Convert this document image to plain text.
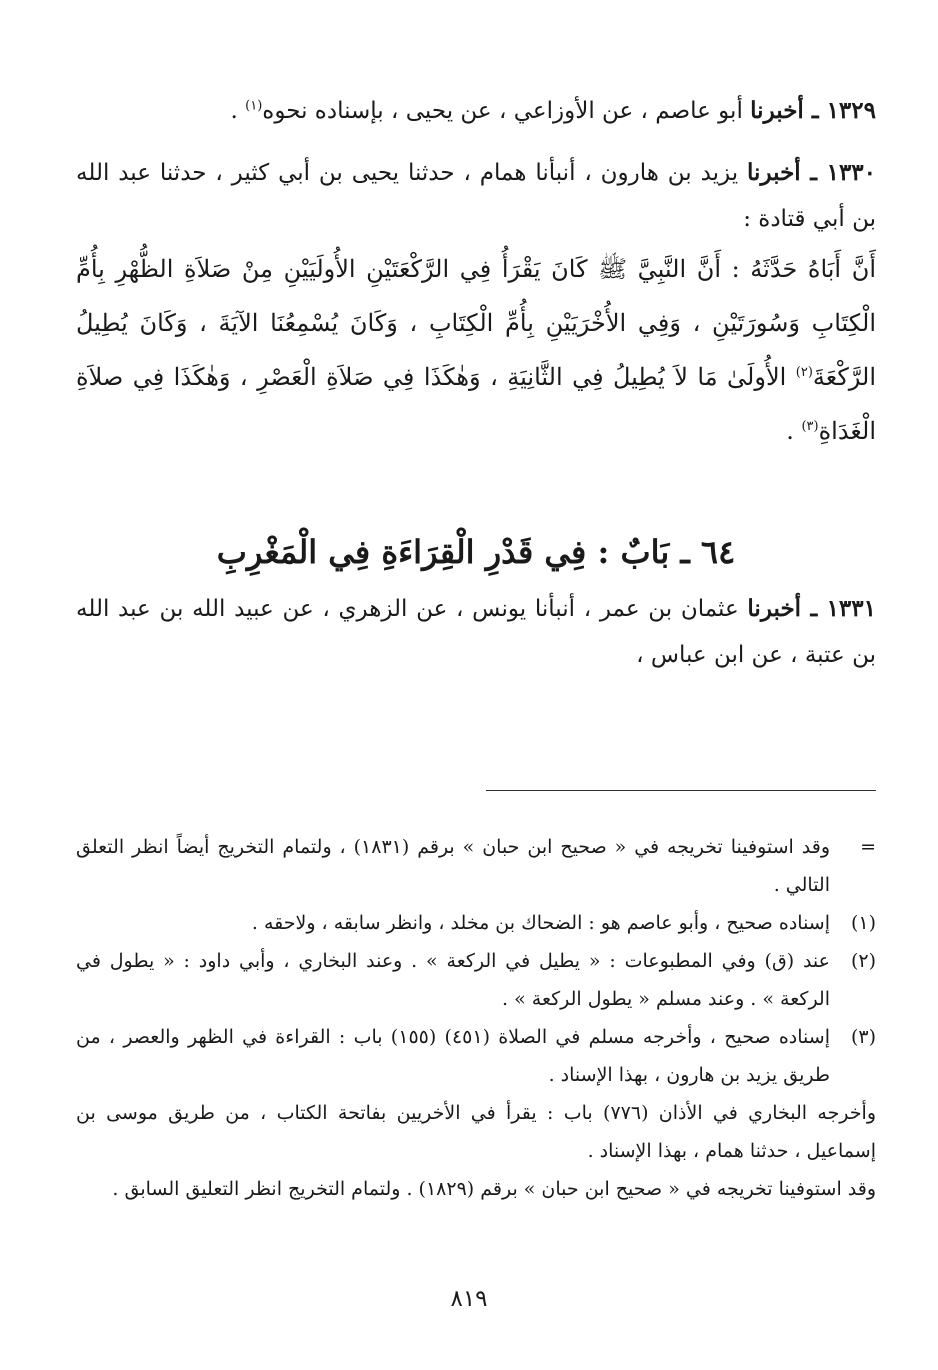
١٣٢٩ ـ أخبرنا أبو عاصم ، عن الأوزاعي ، عن يحيى ، بإسناده نحوه$^{(١)}$ .

١٣٣٠ ـ أخبرنا يزيد بن هارون ، أنبأنا همام ، حدثنا يحيى بن أبي كثير ، حدثنا عبد الله بن أبي قتادة :

أَنَّ أَبَاهُ حَدَّثَهُ : أَنَّ النَّبِيَّ ﷺ كَانَ يَقْرَأُ فِي الرَّكْعَتَيْنِ الأُولَيَيْنِ مِنْ صَلاَةِ الظُّهْرِ بِأُمِّ الْكِتَابِ وَسُورَتَيْنِ ، وَفِي الأُخْرَيَيْنِ بِأُمِّ الْكِتَابِ ، وَكَانَ يُسْمِعُنَا الآيَةَ ، وَكَانَ يُطِيلُ الرَّكْعَةَ$^{(٢)}$ الأُولَىٰ مَا لاَ يُطِيلُ فِي الثَّانِيَةِ ، وَهٰكَذَا فِي صَلاَةِ الْعَصْرِ ، وَهٰكَذَا فِي صلاَةِ الْغَدَاةِ$^{(٣)}$ .

٦٤ ـ بَابٌ : فِي قَدْرِ الْقِرَاءَةِ فِي الْمَغْرِبِ

١٣٣١ ـ أخبرنا عثمان بن عمر ، أنبأنا يونس ، عن الزهري ، عن عبيد الله بن عبد الله بن عتبة ، عن ابن عباس ،

=
وقد استوفينا تخريجه في « صحيح ابن حبان » برقم (١٨٣١) ، ولتمام التخريج أيضاً انظر التعلق التالي .
(١)
إسناده صحيح ، وأبو عاصم هو : الضحاك بن مخلد ، وانظر سابقه ، ولاحقه .
(٢)
عند (ق) وفي المطبوعات : « يطيل في الركعة » . وعند البخاري ، وأبي داود : « يطول في الركعة » . وعند مسلم « يطول الركعة » .
(٣)
إسناده صحيح ، وأخرجه مسلم في الصلاة (٤٥١) (١٥٥) باب : القراءة في الظهر والعصر ، من طريق يزيد بن هارون ، بهذا الإسناد .
وأخرجه البخاري في الأذان (٧٧٦) باب : يقرأ في الأخريين بفاتحة الكتاب ، من طريق موسى بن إسماعيل ، حدثنا همام ، بهذا الإسناد .
وقد استوفينا تخريجه في « صحيح ابن حبان » برقم (١٨٢٩) . ولتمام التخريج انظر التعليق السابق .
٨١٩
